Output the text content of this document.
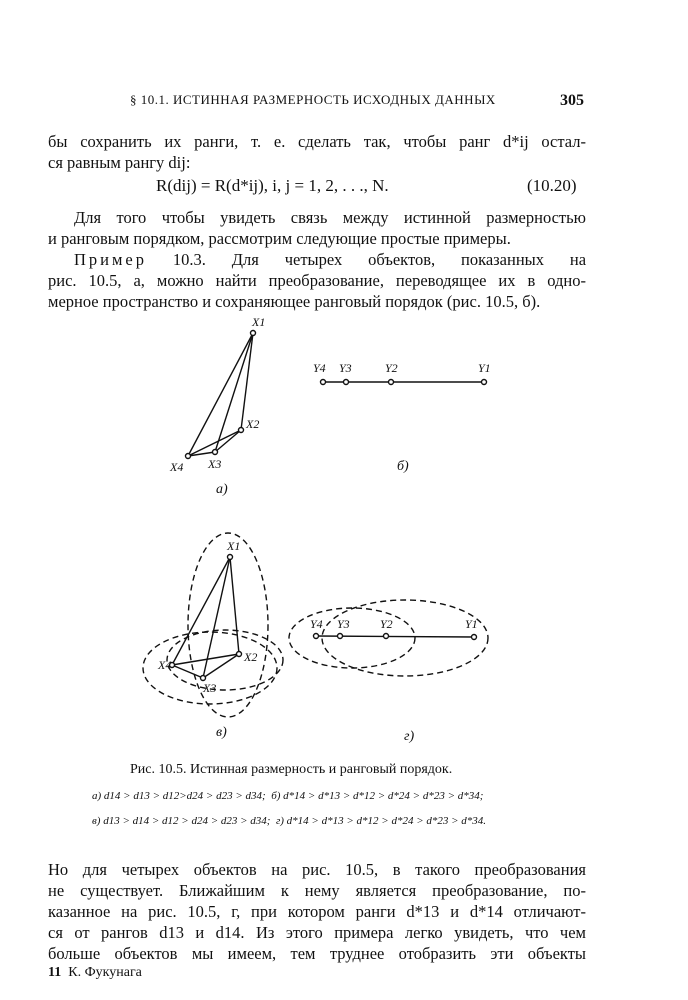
§ 10.1. ИСТИННАЯ РАЗМЕРНОСТЬ ИСХОДНЫХ ДАННЫХ	305
бы сохранить их ранги, т. е. сделать так, чтобы ранг d*ij остал-
ся равным рангу dij:
R(dij) = R(d*ij), i, j = 1, 2, . . ., N.	(10.20)
Для того чтобы увидеть связь между истинной размерностью
и ранговым порядком, рассмотрим следующие простые примеры.
Пример 10.3. Для четырех объектов, показанных на
рис. 10.5, а, можно найти преобразование, переводящее их в одно-
мерное пространство и сохраняющее ранговый порядок (рис. 10.5, б).
X1
X4 X3
X2
Y4 Y3	Y2	Y1
X1
X4
X3
X2
Y4 Y3	Y2	Y1
а)
б)
в)	г)
Рис. 10.5. Истинная размерность и ранговый порядок.
а) d14 > d13 > d12>d24 > d23 > d34; б) d*14 > d*13 > d*12 > d*24 > d*23 > d*34;
в) d13 > d14 > d12 > d24 > d23 > d34; г) d*14 > d*13 > d*12 > d*24 > d*23 > d*34.
Но для четырех объектов на рис. 10.5, в такого преобразования
не существует. Ближайшим к нему является преобразование, по-
казанное на рис. 10.5, г, при котором ранги d*13 и d*14 отличают-
ся от рангов d13 и d14. Из этого примера легко увидеть, что чем
больше объектов мы имеем, тем труднее отобразить эти объекты
11 К. Фукунага
